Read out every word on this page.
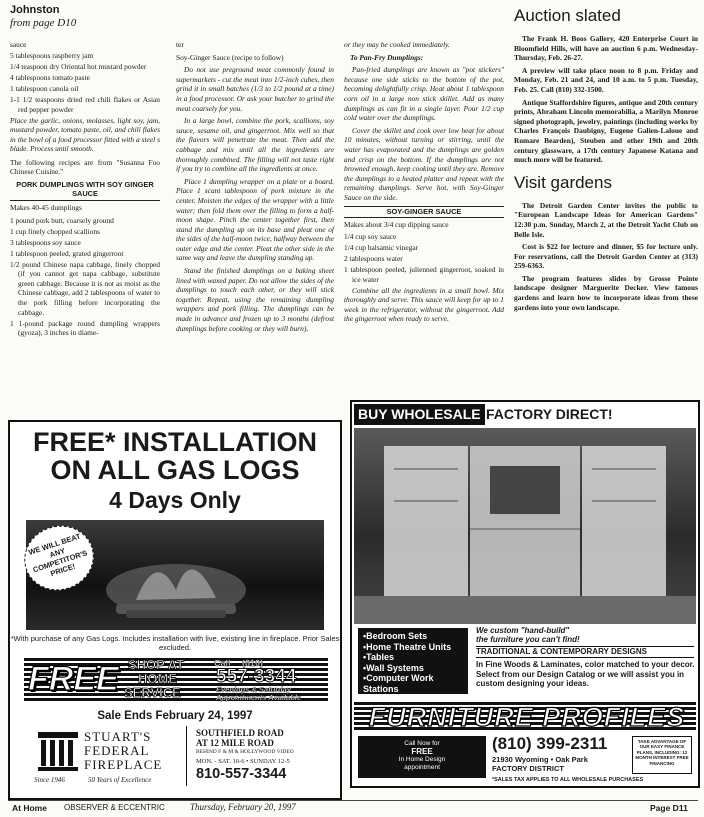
Johnston
from page D10

sauce

5 tablespoons raspberry jam

1/4 teaspoon dry Oriental hot mustard powder

4 tablespoons tomato paste

1 tablespoon canola oil

1-1 1/2 teaspoons dried red chili flakes or Asian red pepper powder

Place the garlic, onions, molasses, light soy, jam, mustard powder, tomato paste, oil, and chili flakes in the bowl of a food processor fitted with a steel s blade. Process until smooth.

The following recipes are from "Susanna Foo Chinese Cuisine."

PORK DUMPLINGS WITH SOY GINGER SAUCE

Makes 40-45 dumplings

1 pound pork butt, coarsely ground

1 cup finely chopped scallions

3 tablespoons soy sauce

1 tablespoon peeled, grated gingerroot

1/2 pound Chinese napa cabbage, finely chopped (if you cannot get napa cabbage, substitute green cabbage. Because it is not as moist as the Chinese cabbage, add 2 tablespoons of water to the pork filling before incorporating the cabbage.

1 1-pound package round dumpling wrappers (gyoza), 3 inches in diame-

ter

Soy-Ginger Sauce (recipe to follow)

Do not use preground meat commonly found in supermarkets - cut the meat into 1/2-inch cubes, then grind it in small batches (1/3 to 1/2 pound at a time) in a food processor. Or ask your butcher to grind the meat coarsely for you.

In a large bowl, combine the pork, scallions, soy sauce, sesame oil, and gingerroot. Mix well so that the flavors will penetrate the meat. Then add the cabbage and mix until all the ingredients are thoroughly combined. The filling will not taste right if you try to combine all the ingredients at once.

Place 1 dumpling wrapper on a plate or a board. Place 1 scant tablespoon of pork mixture in the center. Moisten the edges of the wrapper with a little water; then fold them over the filling to form a half-moon shape. Pinch the center together first, then stand the dumpling up on its base and pleat one of the sides of the half-moon twice, halfway between the outer edge and the center. Pleat the other side in the same way and leave the dumpling standing up.

Stand the finished dumplings on a baking sheet lined with waxed paper. Do not allow the sides of the dumplings to touch each other, or they will stick together. Repeat, using the remaining dumpling wrappers and pork filling. The dumplings can be made in advance and frozen up to 3 months (defrost dumplings before cooking or they will burn),

or they may be cooked immediately.

To Pan-Fry Dumplings:

Pan-fried dumplings are known as "pot stickers" because one side sticks to the bottom of the pot, becoming delightfully crisp. Heat about 1 tablespoon corn oil in a large non stick skillet. Add as many dumplings as can fit in a single layer. Pour 1/2 cup cold water over the dumplings.

Cover the skillet and cook over low heat for about 10 minutes, without turning or stirring, until the water has evaporated and the dumplings are golden and crisp on the bottom. If the dumplings are not browned enough, keep cooking until they are. Remove the dumplings to a heated platter and repeat with the remaining dumplings. Serve hot, with Soy-Ginger Sauce on the side.

SOY-GINGER SAUCE

Makes about 3/4 cup dipping sauce

1/4 cup soy sauce

1/4 cup balsamic vinegar

2 tablespoons water

1 tablespoon peeled, julienned gingerroot, soaked in ice water

Combine all the ingredients in a small bowl. Mix thoroughly and serve. This sauce will keep for up to 1 week in the refrigerator, without the gingerroot. Add the gingerroot when ready to serve.

Auction slated

The Frank H. Boos Gallery, 420 Enterprise Court in Bloomfield Hills, will have an auction 6 p.m. Wednesday-Thursday, Feb. 26-27.

A preview will take place noon to 8 p.m. Friday and Monday, Feb. 21 and 24, and 10 a.m. to 5 p.m. Tuesday, Feb. 25. Call (810) 332-1500.

Antique Staffordshire figures, antique and 20th century prints, Abraham Lincoln memorabilia, a Marilyn Monroe signed photograph, jewelry, paintings (including works by Charles François Daubigny, Eugene Galien-Laloue and Romare Bearden), Steuben and other 19th and 20th century glassware, a 17th century Japanese Katana and much more will be featured.

Visit gardens

The Detroit Garden Center invites the public to "European Landscape Ideas for American Gardens" 12:30 p.m. Sunday, March 2, at the Detroit Yacht Club on Belle Isle.

Cost is $22 for lecture and dinner, $5 for lecture only. For reservations, call the Detroit Garden Center at (313) 259-6363.

The program features slides by Grosse Pointe landscape designer Marguerite Decker. View famous gardens and learn how to incorporate ideas from these gardens into your own landscape.

FREE* INSTALLATION
ON ALL GAS LOGS
4 Days Only
WE WILL BEAT ANY COMPETITOR'S PRICE!
*With purchase of any Gas Logs. Includes installation with live, existing line in fireplace. Prior Sales excluded.
FREE SHOP AT
HOME
SERVICE
Call (810)
557-3344
Evenings & Saturday
Appointments Available
Sale Ends February 24, 1997
STUART'S
FEDERAL
FIREPLACE
Since 1946	50 Years of Excellence
SOUTHFIELD ROAD
AT 12 MILE ROAD
BEHIND F & M & HOLLYWOOD VIDEO
MON. - SAT. 10-6 • SUNDAY 12-5
810-557-3344
BUY WHOLESALE FACTORY DIRECT!
•Bedroom Sets
•Home Theatre Units
•Tables
•Wall Systems
•Computer Work
Stations
We custom "hand-build"
the furniture you can't find!
TRADITIONAL & CONTEMPORARY DESIGNS
In Fine Woods & Laminates, color matched to your decor. Select from our Design Catalog or we will assist you in custom designing your ideas.
FURNITURE PROFILES
Call Now for
FREE
In Home Design
appointment
(810) 399-2311
21930 Wyoming • Oak Park
FACTORY DISTRICT
TAKE ADVANTAGE OF OUR EASY FINANCE PLANS, INCLUDING: 12 MONTH INTEREST FREE FINANCING
*SALES TAX APPLIES TO ALL WHOLESALE PURCHASES
At Home OBSERVER & ECCENTRIC	Thursday, February 20, 1997	Page D11
